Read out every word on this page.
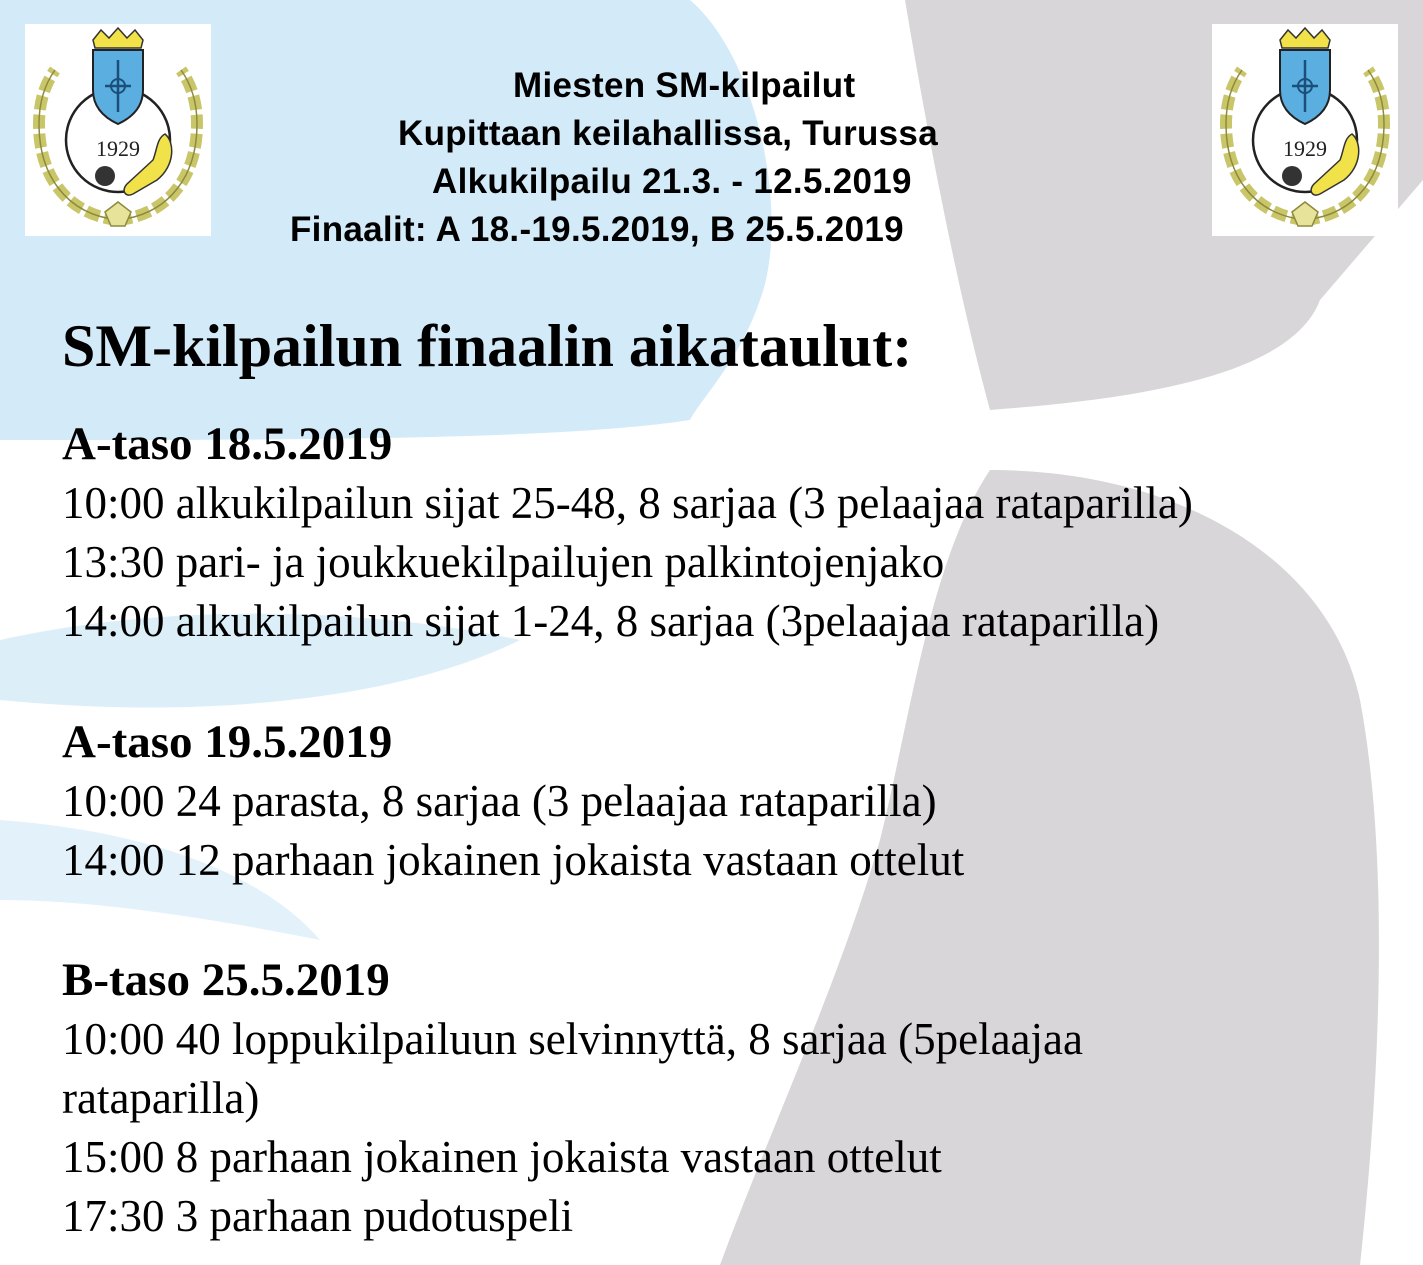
1929	1929
Miesten SM-kilpailut
Kupittaan keilahallissa, Turussa
Alkukilpailu 21.3. - 12.5.2019
Finaalit: A 18.-19.5.2019, B 25.5.2019
SM-kilpailun finaalin aikataulut:
A-taso 18.5.2019

10:00 alkukilpailun sijat 25-48, 8 sarjaa (3 pelaajaa rataparilla)

13:30 pari- ja joukkuekilpailujen palkintojenjako

14:00 alkukilpailun sijat 1-24, 8 sarjaa (3pelaajaa rataparilla)

A-taso 19.5.2019

10:00 24 parasta, 8 sarjaa (3 pelaajaa rataparilla)

14:00 12 parhaan jokainen jokaista vastaan ottelut

B-taso 25.5.2019

10:00 40 loppukilpailuun selvinnyttä, 8 sarjaa (5pelaajaa rataparilla)

15:00 8 parhaan jokainen jokaista vastaan ottelut

17:30 3 parhaan pudotuspeli
